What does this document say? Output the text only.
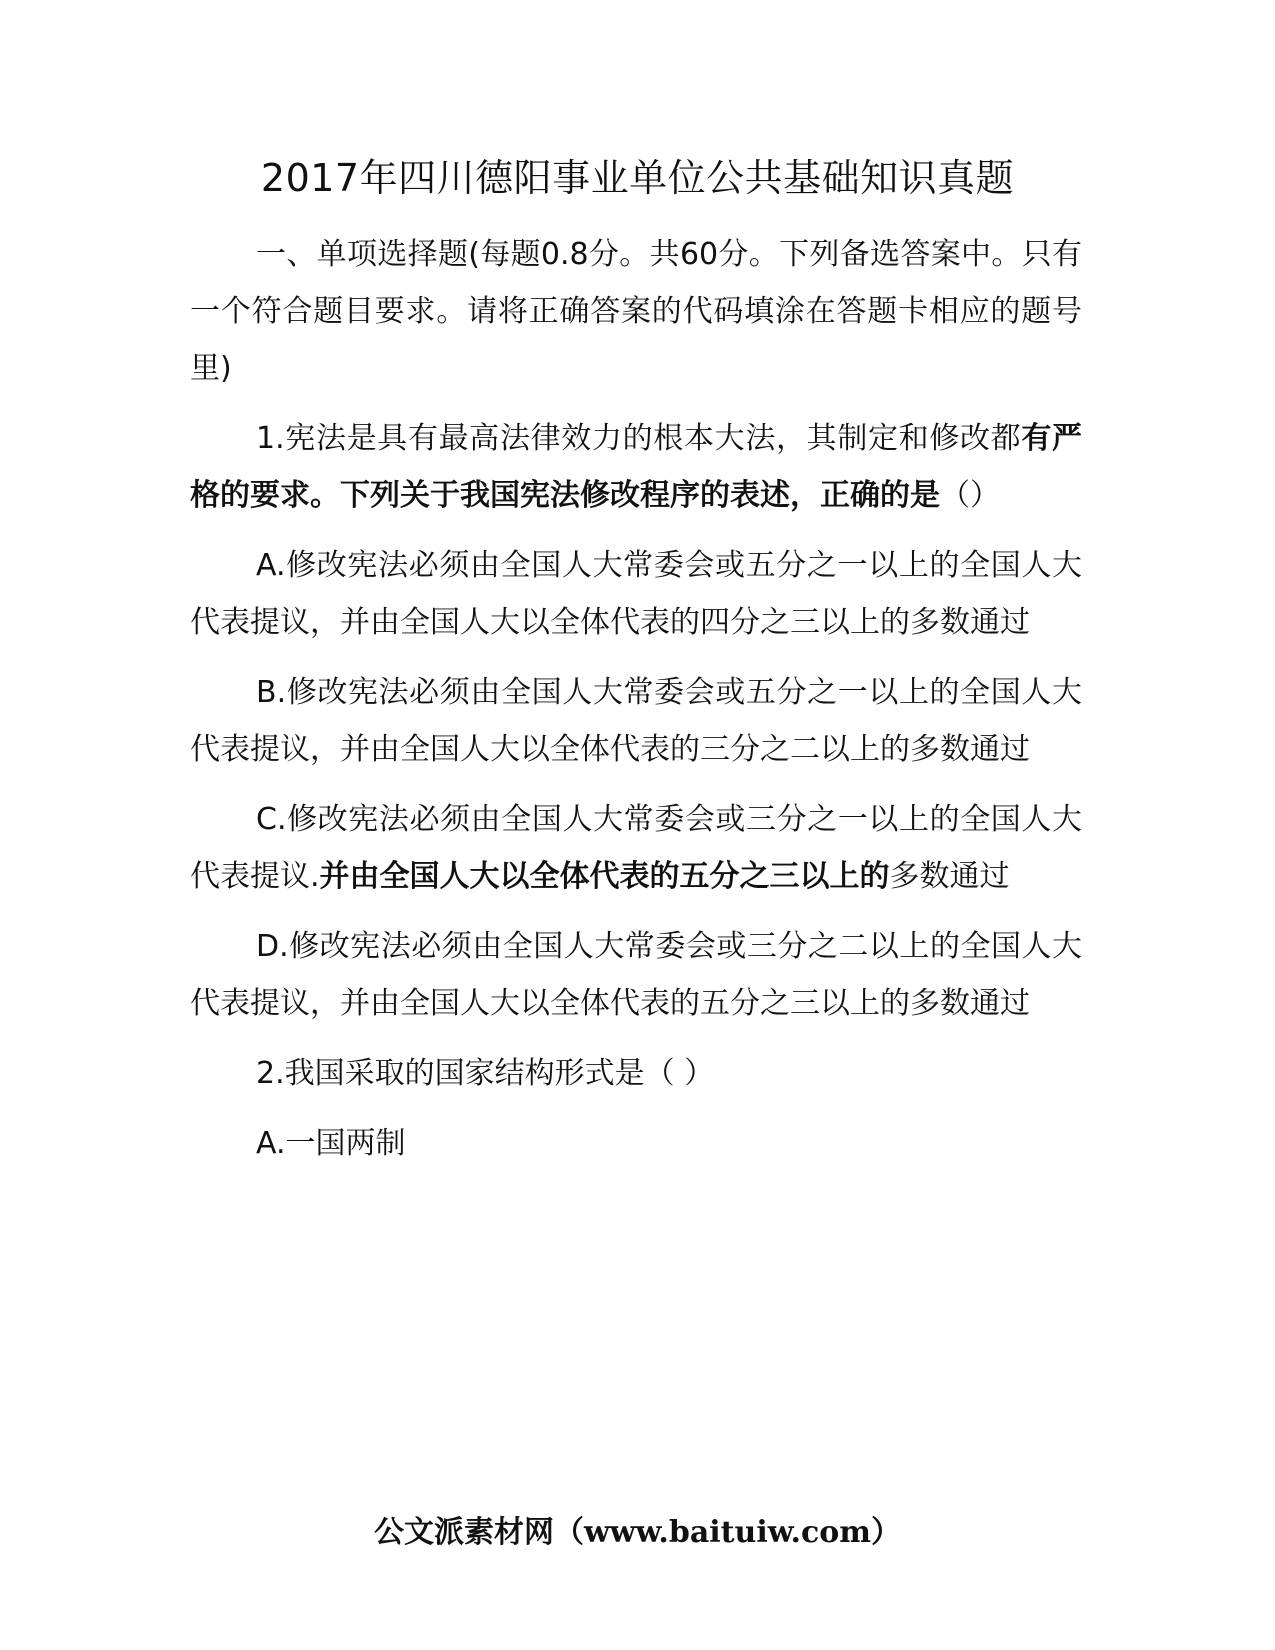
2017年四川德阳事业单位公共基础知识真题

一、单项选择题(每题0.8分。共60分。下列备选答案中。只有一个符合题目要求。请将正确答案的代码填涂在答题卡相应的题号里)

1.宪法是具有最高法律效力的根本大法，其制定和修改都有严格的要求。下列关于我国宪法修改程序的表述，正确的是（）

A.修改宪法必须由全国人大常委会或五分之一以上的全国人大代表提议，并由全国人大以全体代表的四分之三以上的多数通过

B.修改宪法必须由全国人大常委会或五分之一以上的全国人大代表提议，并由全国人大以全体代表的三分之二以上的多数通过

C.修改宪法必须由全国人大常委会或三分之一以上的全国人大代表提议.并由全国人大以全体代表的五分之三以上的多数通过

D.修改宪法必须由全国人大常委会或三分之二以上的全国人大代表提议，并由全国人大以全体代表的五分之三以上的多数通过

2.我国采取的国家结构形式是（ ）

A.一国两制

公文派素材网（www.baituiw.com）
